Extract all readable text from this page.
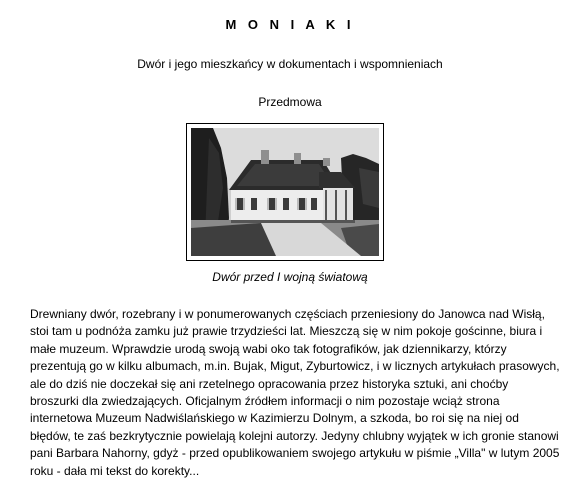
M O N I A K I
Dwór i jego mieszkańcy w dokumentach i wspomnieniach
Przedmowa
Dwór przed I wojną światową
Drewniany dwór, rozebrany i w ponumerowanych częściach przeniesiony do Janowca nad Wisłą, stoi tam u podnóża zamku już prawie trzydzieści lat. Mieszczą się w nim pokoje gościnne, biura i małe muzeum. Wprawdzie urodą swoją wabi oko tak fotografików, jak dziennikarzy, którzy prezentują go w kilku albumach, m.in. Bujak, Migut, Zyburtowicz, i w licznych artykułach prasowych, ale do dziś nie doczekał się ani rzetelnego opracowania przez historyka sztuki, ani choćby broszurki dla zwiedzających. Oficjalnym źródłem informacji o nim pozostaje wciąż strona internetowa Muzeum Nadwiślańskiego w Kazimierzu Dolnym, a szkoda, bo roi się na niej od błędów, te zaś bezkrytycznie powielają kolejni autorzy. Jedyny chlubny wyjątek w ich gronie stanowi pani Barbara Nahorny, gdyż - przed opublikowaniem swojego artykułu w piśmie „Villa" w lutym 2005 roku - dała mi tekst do korekty...
